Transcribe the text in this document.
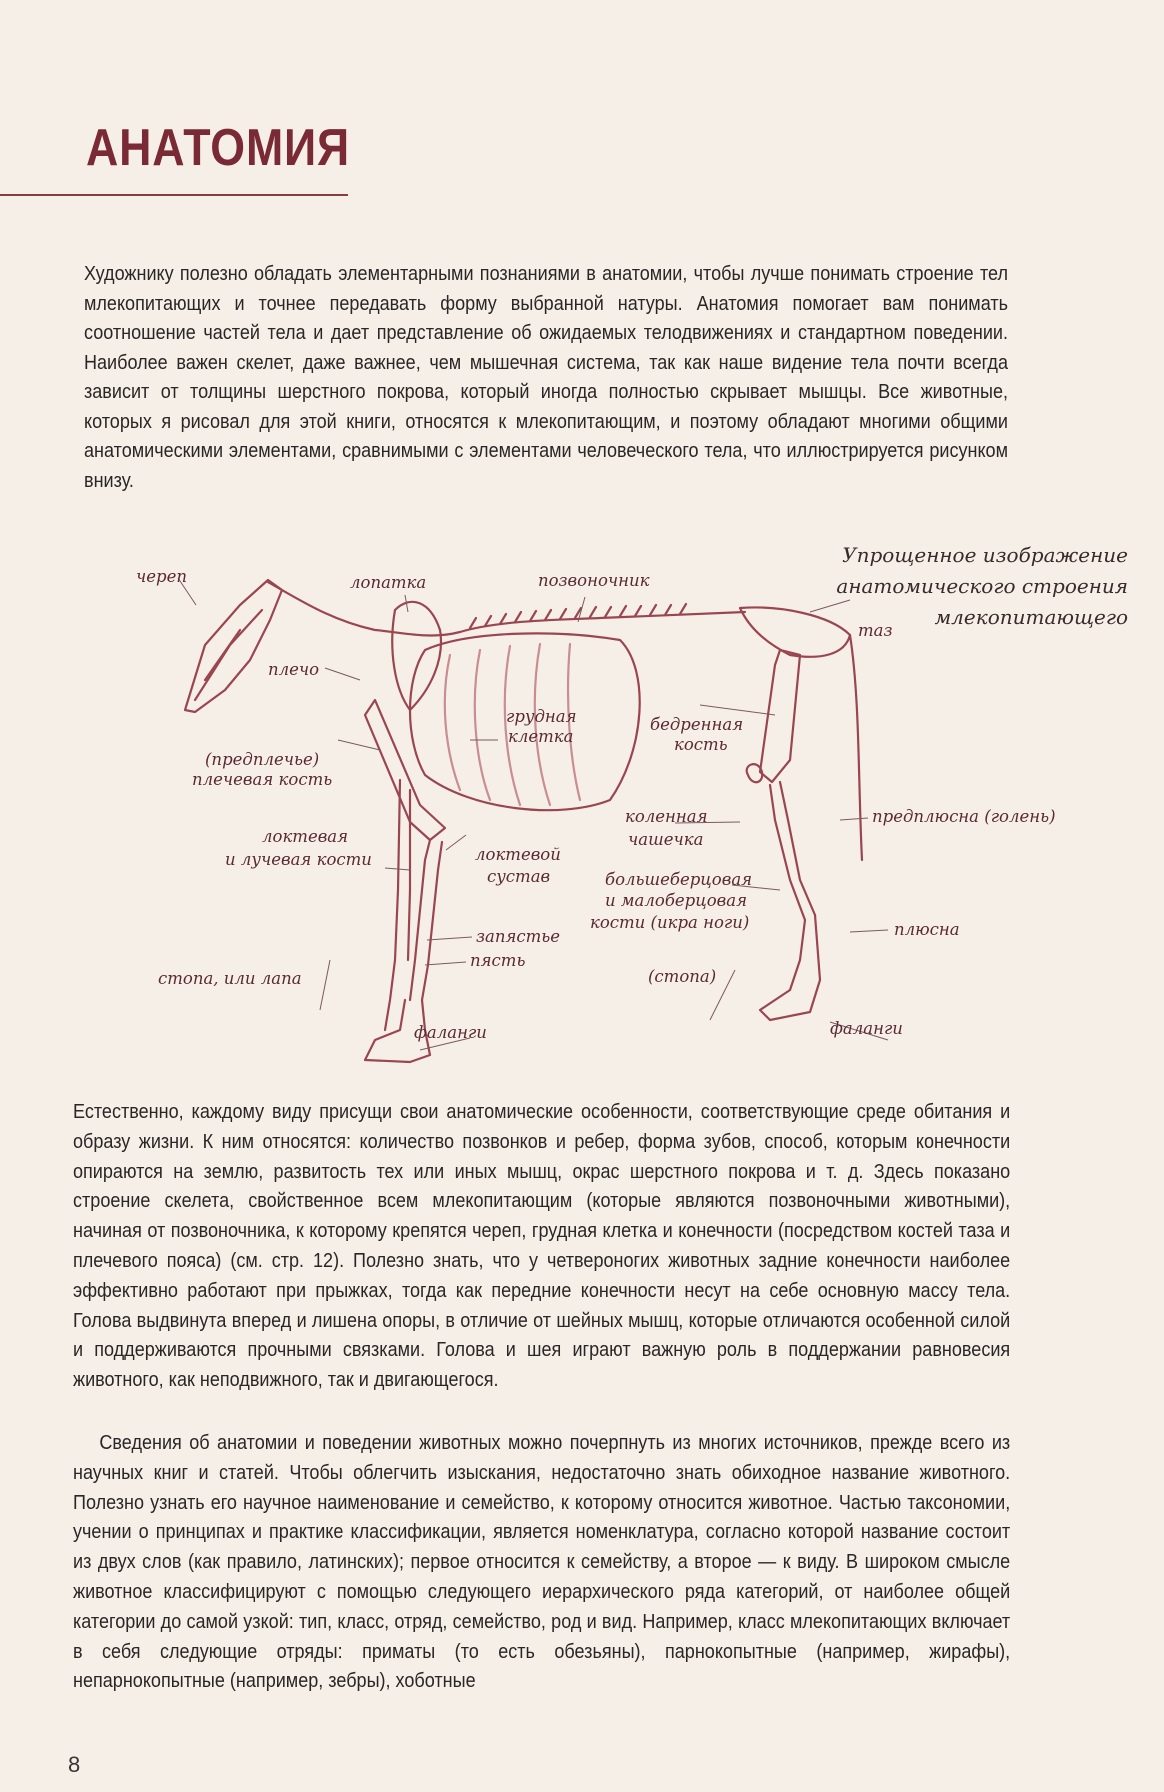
АНАТОМИЯ
Художнику полезно обладать элементарными познаниями в анатомии, чтобы лучше понимать строение тел млекопитающих и точнее передавать форму выбранной натуры. Анатомия помогает вам понимать соотношение частей тела и дает представление об ожидаемых телодвижениях и стандартном поведении. Наиболее важен скелет, даже важнее, чем мышечная система, так как наше видение тела почти всегда зависит от толщины шерстного покрова, который иногда полностью скрывает мышцы. Все животные, которых я рисовал для этой книги, относятся к млекопитающим, и поэтому обладают многими общими анатомическими элементами, сравнимыми с элементами человеческого тела, что иллюстрируется рисунком внизу.
Упрощенное изображение анатомического строения млекопитающего
череп	лопатка	позвоночник
таз
плечо
грудная
клетка
бедренная
кость
(предплечье)
плечевая кость
локтевая
и лучевая кости
коленная
чашечка
предплюсна (голень)
локтевой
сустав	большеберцовая
и малоберцовая
кости (икра ноги)
запястье
пясть
плюсна
стопа, или лапа	(стопа)
фаланги	фаланги
Естественно, каждому виду присущи свои анатомические особенности, соответствующие среде обитания и образу жизни. К ним относятся: количество позвонков и ребер, форма зубов, способ, которым конечности опираются на землю, развитость тех или иных мышц, окрас шерстного покрова и т. д. Здесь показано строение скелета, свойственное всем млекопитающим (которые являются позвоночными животными), начиная от позвоночника, к которому крепятся череп, грудная клетка и конечности (посредством костей таза и плечевого пояса) (см. стр. 12). Полезно знать, что у четвероногих животных задние конечности наиболее эффективно работают при прыжках, тогда как передние конечности несут на себе основную массу тела. Голова выдвинута вперед и лишена опоры, в отличие от шейных мышц, которые отличаются особенной силой и поддерживаются прочными связками. Голова и шея играют важную роль в поддержании равновесия животного, как неподвижного, так и двигающегося.
Сведения об анатомии и поведении животных можно почерпнуть из многих источников, прежде всего из научных книг и статей. Чтобы облегчить изыскания, недостаточно знать обиходное название животного. Полезно узнать его научное наименование и семейство, к которому относится животное. Частью таксономии, учении о принципах и практике классификации, является номенклатура, согласно которой название состоит из двух слов (как правило, латинских); первое относится к семейству, а второе — к виду. В широком смысле животное классифицируют с помощью следующего иерархического ряда категорий, от наиболее общей категории до самой узкой: тип, класс, отряд, семейство, род и вид. Например, класс млекопитающих включает в себя следующие отряды: приматы (то есть обезьяны), парнокопытные (например, жирафы), непарнокопытные (например, зебры), хоботные
8
